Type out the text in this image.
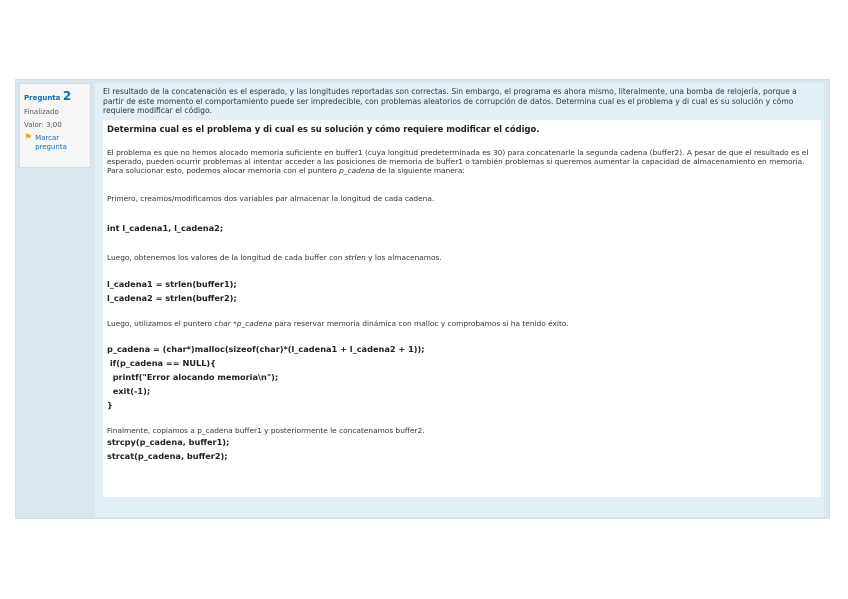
Pregunta 2
Finalizado
Valor: 3,00
⚑ Marcar pregunta

El resultado de la concatenación es el esperado, y las longitudes reportadas son correctas. Sin embargo, el programa es ahora mismo, literalmente, una bomba de relojería, porque a partir de este momento el comportamiento puede ser impredecible, con problemas aleatorios de corrupción de datos. Determina cual es el problema y di cual es su solución y cómo requiere modificar el código.

Determina cual es el problema y di cual es su solución y cómo requiere modificar el código.

El problema es que no hemos alocado memoria suficiente en buffer1 (cuya longitud predeterminada es 30) para concatenarle la segunda cadena (buffer2). A pesar de que el resultado es el esperado, pueden ocurrir problemas al intentar acceder a las posiciones de memoria de buffer1 o también problemas si queremos aumentar la capacidad de almacenamiento en memoria. Para solucionar esto, podemos alocar memoria con el puntero p_cadena de la siguiente manera:

Primero, creamos/modificamos dos variables par almacenar la longitud de cada cadena.

int l_cadena1, l_cadena2;

Luego, obtenemos los valores de la longitud de cada buffer con strlen y los almacenamos.

l_cadena1 = strlen(buffer1);

l_cadena2 = strlen(buffer2);

Luego, utilizamos el puntero char *p_cadena para reservar memoria dinámica con malloc y comprobamos si ha tenido éxito.

p_cadena = (char*)malloc(sizeof(char)*(l_cadena1 + l_cadena2 + 1));

if(p_cadena == NULL){

printf("Error alocando memoria\n");

exit(-1);

}

Finalmente, copiamos a p_cadena buffer1 y posteriormente le concatenamos buffer2.

strcpy(p_cadena, buffer1);

strcat(p_cadena, buffer2);
